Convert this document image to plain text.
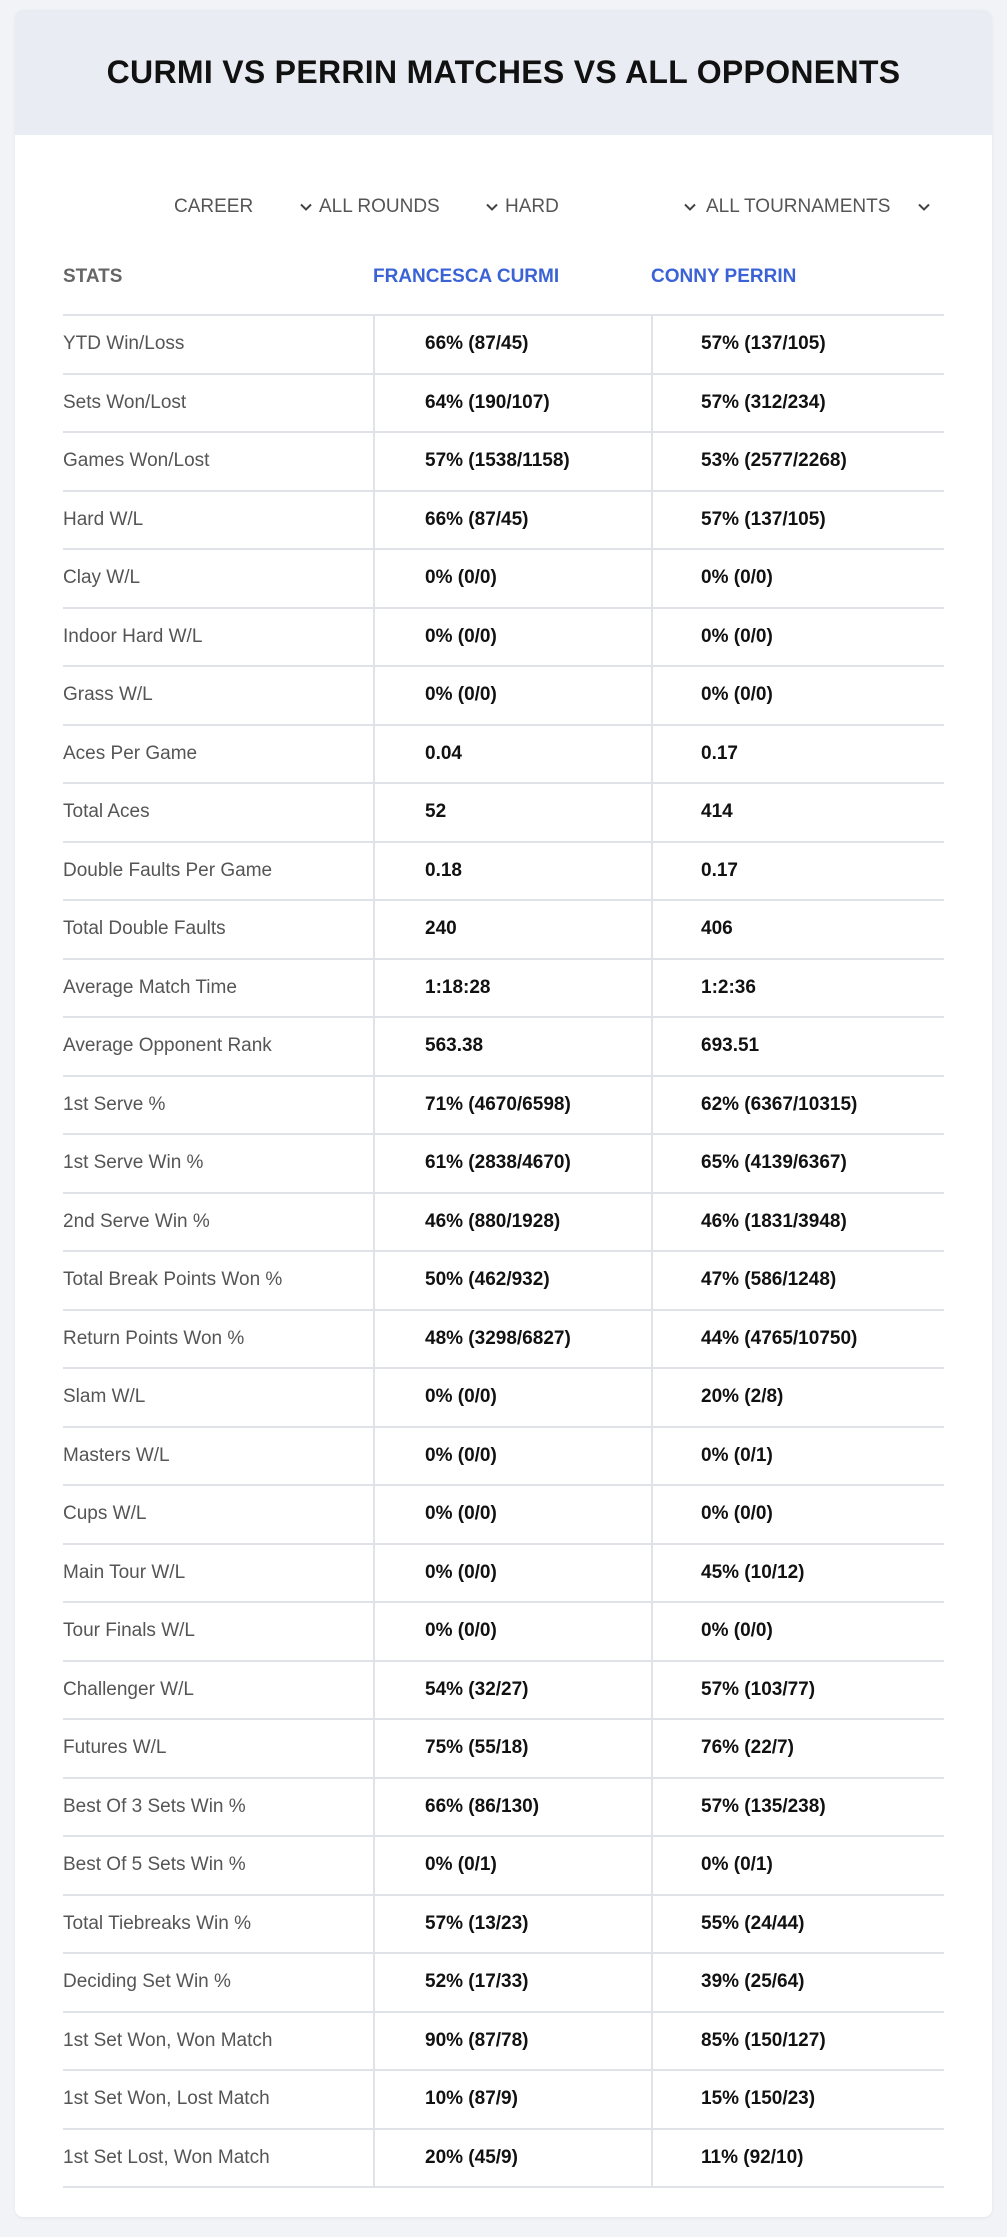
CURMI VS PERRIN MATCHES VS ALL OPPONENTS
CAREER	ALL ROUNDS	HARD	ALL TOURNAMENTS
STATS	FRANCESCA CURMI	CONNY PERRIN
YTD Win/Loss	66% (87/45)	57% (137/105)
Sets Won/Lost	64% (190/107)	57% (312/234)
Games Won/Lost	57% (1538/1158)	53% (2577/2268)
Hard W/L	66% (87/45)	57% (137/105)
Clay W/L	0% (0/0)	0% (0/0)
Indoor Hard W/L	0% (0/0)	0% (0/0)
Grass W/L	0% (0/0)	0% (0/0)
Aces Per Game	0.04	0.17
Total Aces	52	414
Double Faults Per Game	0.18	0.17
Total Double Faults	240	406
Average Match Time	1:18:28	1:2:36
Average Opponent Rank	563.38	693.51
1st Serve %	71% (4670/6598)	62% (6367/10315)
1st Serve Win %	61% (2838/4670)	65% (4139/6367)
2nd Serve Win %	46% (880/1928)	46% (1831/3948)
Total Break Points Won %	50% (462/932)	47% (586/1248)
Return Points Won %	48% (3298/6827)	44% (4765/10750)
Slam W/L	0% (0/0)	20% (2/8)
Masters W/L	0% (0/0)	0% (0/1)
Cups W/L	0% (0/0)	0% (0/0)
Main Tour W/L	0% (0/0)	45% (10/12)
Tour Finals W/L	0% (0/0)	0% (0/0)
Challenger W/L	54% (32/27)	57% (103/77)
Futures W/L	75% (55/18)	76% (22/7)
Best Of 3 Sets Win %	66% (86/130)	57% (135/238)
Best Of 5 Sets Win %	0% (0/1)	0% (0/1)
Total Tiebreaks Win %	57% (13/23)	55% (24/44)
Deciding Set Win %	52% (17/33)	39% (25/64)
1st Set Won, Won Match	90% (87/78)	85% (150/127)
1st Set Won, Lost Match	10% (87/9)	15% (150/23)
1st Set Lost, Won Match	20% (45/9)	11% (92/10)
